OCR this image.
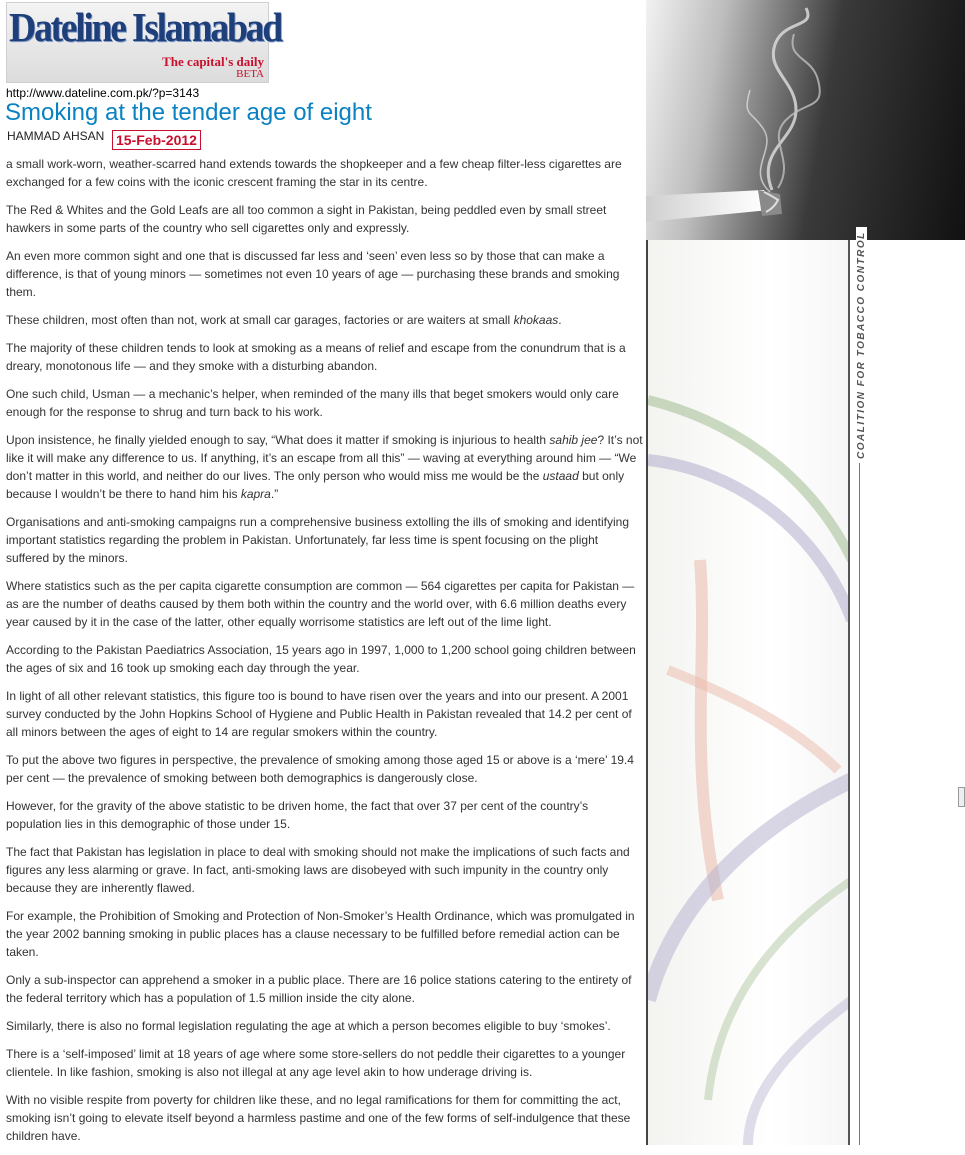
Dateline Islamabad
The capital's daily
BETA
http://www.dateline.com.pk/?p=3143
Smoking at the tender age of eight
HAMMAD AHSAN 15-Feb-2012

a small work-worn, weather-scarred hand extends towards the shopkeeper and a few cheap filter-less cigarettes are exchanged for a few coins with the iconic crescent framing the star in its centre.

The Red & Whites and the Gold Leafs are all too common a sight in Pakistan, being peddled even by small street hawkers in some parts of the country who sell cigarettes only and expressly.

An even more common sight and one that is discussed far less and ‘seen’ even less so by those that can make a difference, is that of young minors — sometimes not even 10 years of age — purchasing these brands and smoking them.

These children, most often than not, work at small car garages, factories or are waiters at small khokaas.

The majority of these children tends to look at smoking as a means of relief and escape from the conundrum that is a dreary, monotonous life — and they smoke with a disturbing abandon.

One such child, Usman — a mechanic’s helper, when reminded of the many ills that beget smokers would only care enough for the response to shrug and turn back to his work.

Upon insistence, he finally yielded enough to say, “What does it matter if smoking is injurious to health sahib jee? It’s not like it will make any difference to us. If anything, it’s an escape from all this” — waving at everything around him — “We don’t matter in this world, and neither do our lives. The only person who would miss me would be the ustaad but only because I wouldn’t be there to hand him his kapra.”

Organisations and anti-smoking campaigns run a comprehensive business extolling the ills of smoking and identifying important statistics regarding the problem in Pakistan. Unfortunately, far less time is spent focusing on the plight suffered by the minors.

Where statistics such as the per capita cigarette consumption are common — 564 cigarettes per capita for Pakistan — as are the number of deaths caused by them both within the country and the world over, with 6.6 million deaths every year caused by it in the case of the latter, other equally worrisome statistics are left out of the lime light.

According to the Pakistan Paediatrics Association, 15 years ago in 1997, 1,000 to 1,200 school going children between the ages of six and 16 took up smoking each day through the year.

In light of all other relevant statistics, this figure too is bound to have risen over the years and into our present. A 2001 survey conducted by the John Hopkins School of Hygiene and Public Health in Pakistan revealed that 14.2 per cent of all minors between the ages of eight to 14 are regular smokers within the country.

To put the above two figures in perspective, the prevalence of smoking among those aged 15 or above is a ‘mere’ 19.4 per cent — the prevalence of smoking between both demographics is dangerously close.

However, for the gravity of the above statistic to be driven home, the fact that over 37 per cent of the country’s population lies in this demographic of those under 15.

The fact that Pakistan has legislation in place to deal with smoking should not make the implications of such facts and figures any less alarming or grave. In fact, anti-smoking laws are disobeyed with such impunity in the country only because they are inherently flawed.

For example, the Prohibition of Smoking and Protection of Non-Smoker’s Health Ordinance, which was promulgated in the year 2002 banning smoking in public places has a clause necessary to be fulfilled before remedial action can be taken.

Only a sub-inspector can apprehend a smoker in a public place. There are 16 police stations catering to the entirety of the federal territory which has a population of 1.5 million inside the city alone.

Similarly, there is also no formal legislation regulating the age at which a person becomes eligible to buy ‘smokes’.

There is a ‘self-imposed’ limit at 18 years of age where some store-sellers do not peddle their cigarettes to a younger clientele. In like fashion, smoking is also not illegal at any age level akin to how underage driving is.

With no visible respite from poverty for children like these, and no legal ramifications for them for committing the act, smoking isn’t going to elevate itself beyond a harmless pastime and one of the few forms of self-indulgence that these children have.

COALITION FOR TOBACCO CONTROL
